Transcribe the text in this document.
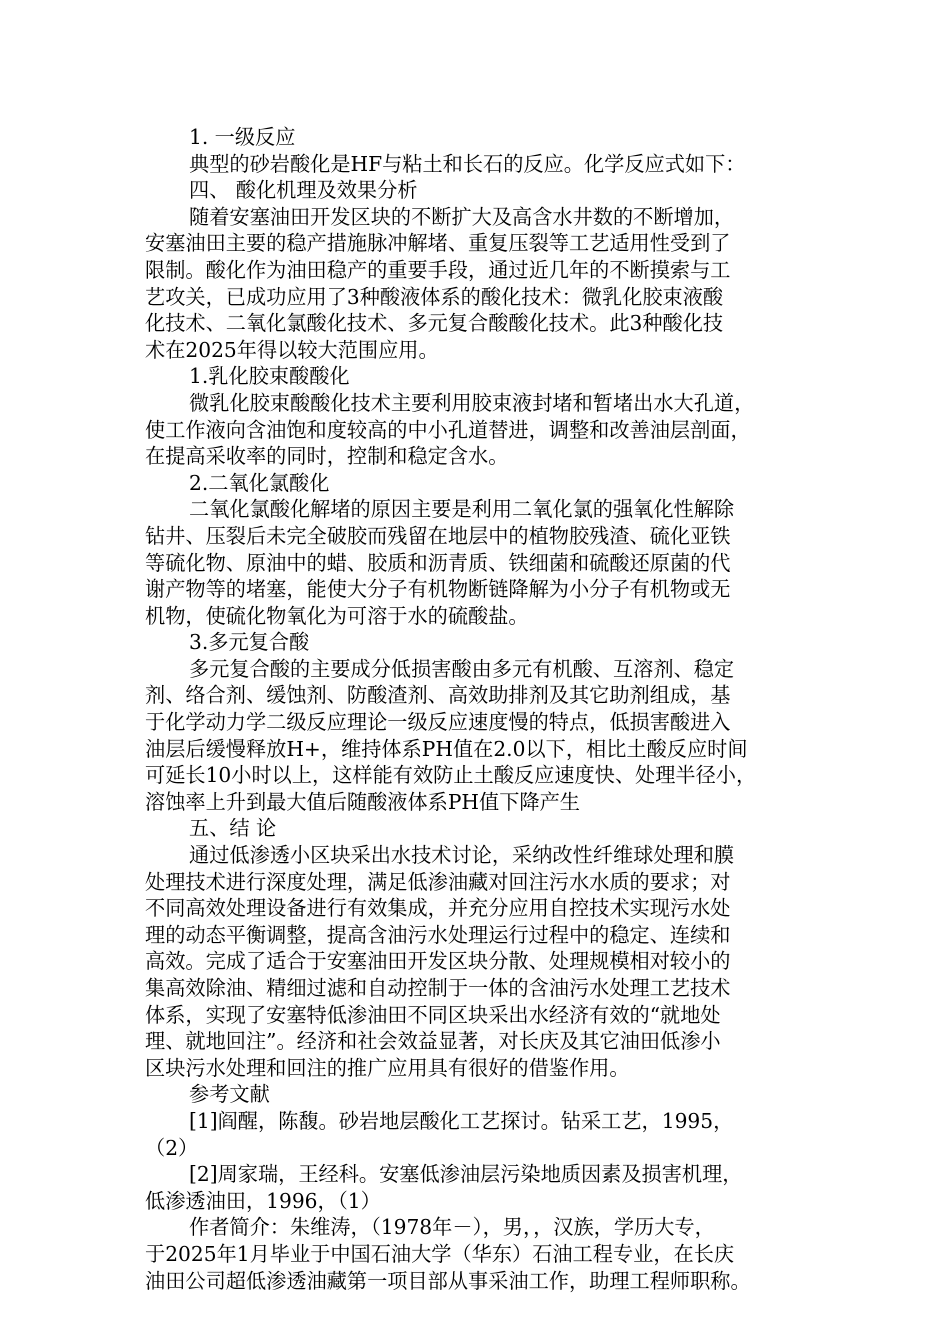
1. 一级反应
典型的砂岩酸化是HF与粘土和长石的反应。化学反应式如下：
四、 酸化机理及效果分析
随着安塞油田开发区块的不断扩大及高含水井数的不断增加，
安塞油田主要的稳产措施脉冲解堵、重复压裂等工艺适用性受到了
限制。酸化作为油田稳产的重要手段，通过近几年的不断摸索与工
艺攻关，已成功应用了3种酸液体系的酸化技术：微乳化胶束液酸
化技术、二氧化氯酸化技术、多元复合酸酸化技术。此3种酸化技
术在2025年得以较大范围应用。
1.乳化胶束酸酸化
微乳化胶束酸酸化技术主要利用胶束液封堵和暂堵出水大孔道，
使工作液向含油饱和度较高的中小孔道替进，调整和改善油层剖面，
在提高采收率的同时，控制和稳定含水。
2.二氧化氯酸化
二氧化氯酸化解堵的原因主要是利用二氧化氯的强氧化性解除
钻井、压裂后未完全破胶而残留在地层中的植物胶残渣、硫化亚铁
等硫化物、原油中的蜡、胶质和沥青质、铁细菌和硫酸还原菌的代
谢产物等的堵塞，能使大分子有机物断链降解为小分子有机物或无
机物，使硫化物氧化为可溶于水的硫酸盐。
3.多元复合酸
多元复合酸的主要成分低损害酸由多元有机酸、互溶剂、稳定
剂、络合剂、缓蚀剂、防酸渣剂、高效助排剂及其它助剂组成，基
于化学动力学二级反应理论一级反应速度慢的特点，低损害酸进入
油层后缓慢释放H+，维持体系PH值在2.0以下，相比土酸反应时间
可延长10小时以上，这样能有效防止土酸反应速度快、处理半径小，
溶蚀率上升到最大值后随酸液体系PH值下降产生
五、结 论
通过低渗透小区块采出水技术讨论，采纳改性纤维球处理和膜
处理技术进行深度处理，满足低渗油藏对回注污水水质的要求；对
不同高效处理设备进行有效集成，并充分应用自控技术实现污水处
理的动态平衡调整，提高含油污水处理运行过程中的稳定、连续和
高效。完成了适合于安塞油田开发区块分散、处理规模相对较小的
集高效除油、精细过滤和自动控制于一体的含油污水处理工艺技术
体系，实现了安塞特低渗油田不同区块采出水经济有效的“就地处
理、就地回注”。经济和社会效益显著，对长庆及其它油田低渗小
区块污水处理和回注的推广应用具有很好的借鉴作用。
参考文献
[1]阎醒，陈馥。砂岩地层酸化工艺探讨。钻采工艺，1995，
（2）
[2]周家瑞，王经科。安塞低渗油层污染地质因素及损害机理，
低渗透油田，1996，（1）
作者简介：朱维涛，（1978年－），男，，汉族，学历大专，
于2025年1月毕业于中国石油大学（华东）石油工程专业，在长庆
油田公司超低渗透油藏第一项目部从事采油工作，助理工程师职称。
